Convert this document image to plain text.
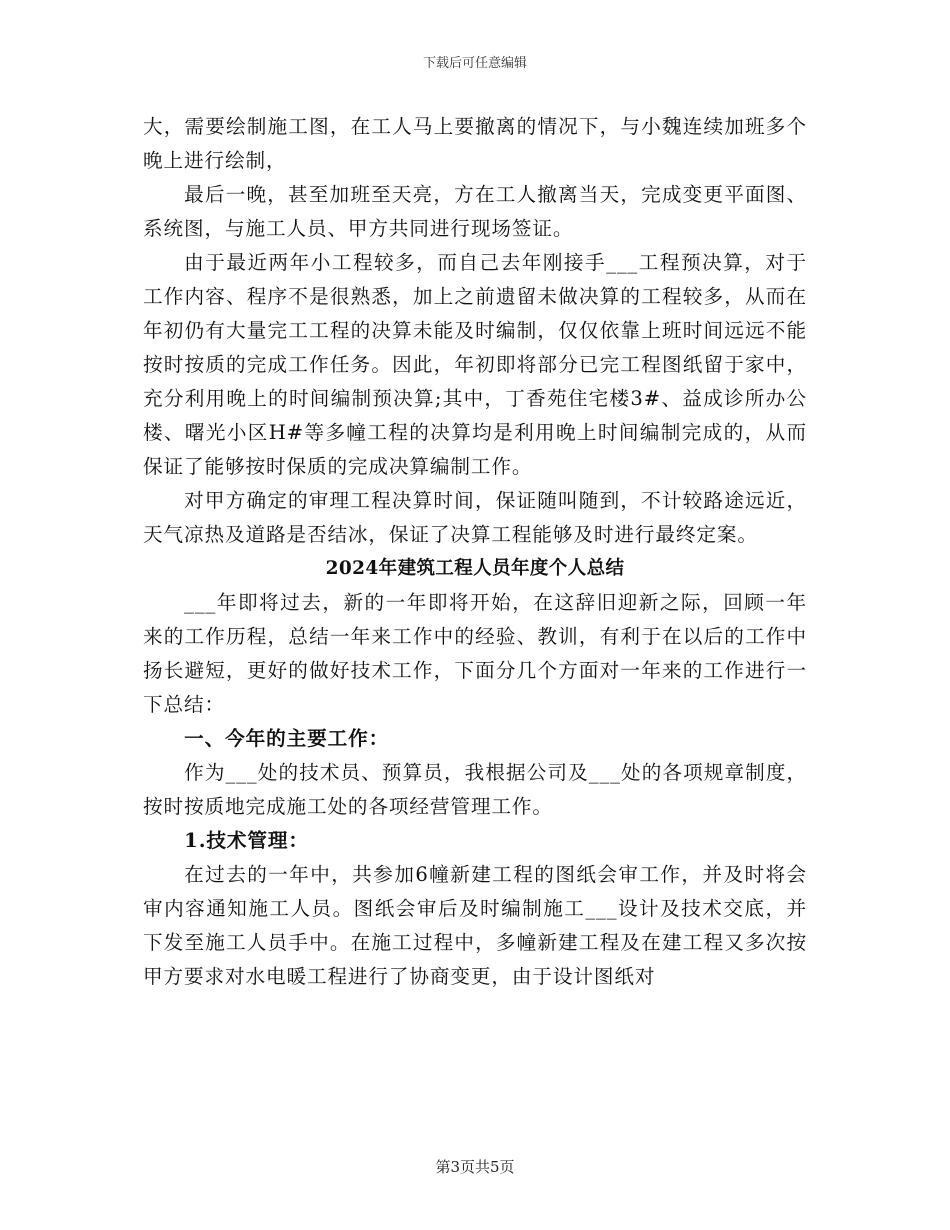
下载后可任意编辑

大，需要绘制施工图，在工人马上要撤离的情况下，与小魏连续加班多个晚上进行绘制，

最后一晚，甚至加班至天亮，方在工人撤离当天，完成变更平面图、系统图，与施工人员、甲方共同进行现场签证。

由于最近两年小工程较多，而自己去年刚接手___工程预决算，对于工作内容、程序不是很熟悉，加上之前遗留未做决算的工程较多，从而在年初仍有大量完工工程的决算未能及时编制，仅仅依靠上班时间远远不能按时按质的完成工作任务。因此，年初即将部分已完工程图纸留于家中，充分利用晚上的时间编制预决算;其中，丁香苑住宅楼3#、益成诊所办公楼、曙光小区H#等多幢工程的决算均是利用晚上时间编制完成的，从而保证了能够按时保质的完成决算编制工作。

对甲方确定的审理工程决算时间，保证随叫随到，不计较路途远近，天气凉热及道路是否结冰，保证了决算工程能够及时进行最终定案。

2024年建筑工程人员年度个人总结

___年即将过去，新的一年即将开始，在这辞旧迎新之际，回顾一年来的工作历程，总结一年来工作中的经验、教训，有利于在以后的工作中扬长避短，更好的做好技术工作，下面分几个方面对一年来的工作进行一下总结：

一、今年的主要工作：

作为___处的技术员、预算员，我根据公司及___处的各项规章制度，按时按质地完成施工处的各项经营管理工作。

1.技术管理：

在过去的一年中，共参加6幢新建工程的图纸会审工作，并及时将会审内容通知施工人员。图纸会审后及时编制施工___设计及技术交底，并下发至施工人员手中。在施工过程中，多幢新建工程及在建工程又多次按甲方要求对水电暖工程进行了协商变更，由于设计图纸对

第3页共5页
